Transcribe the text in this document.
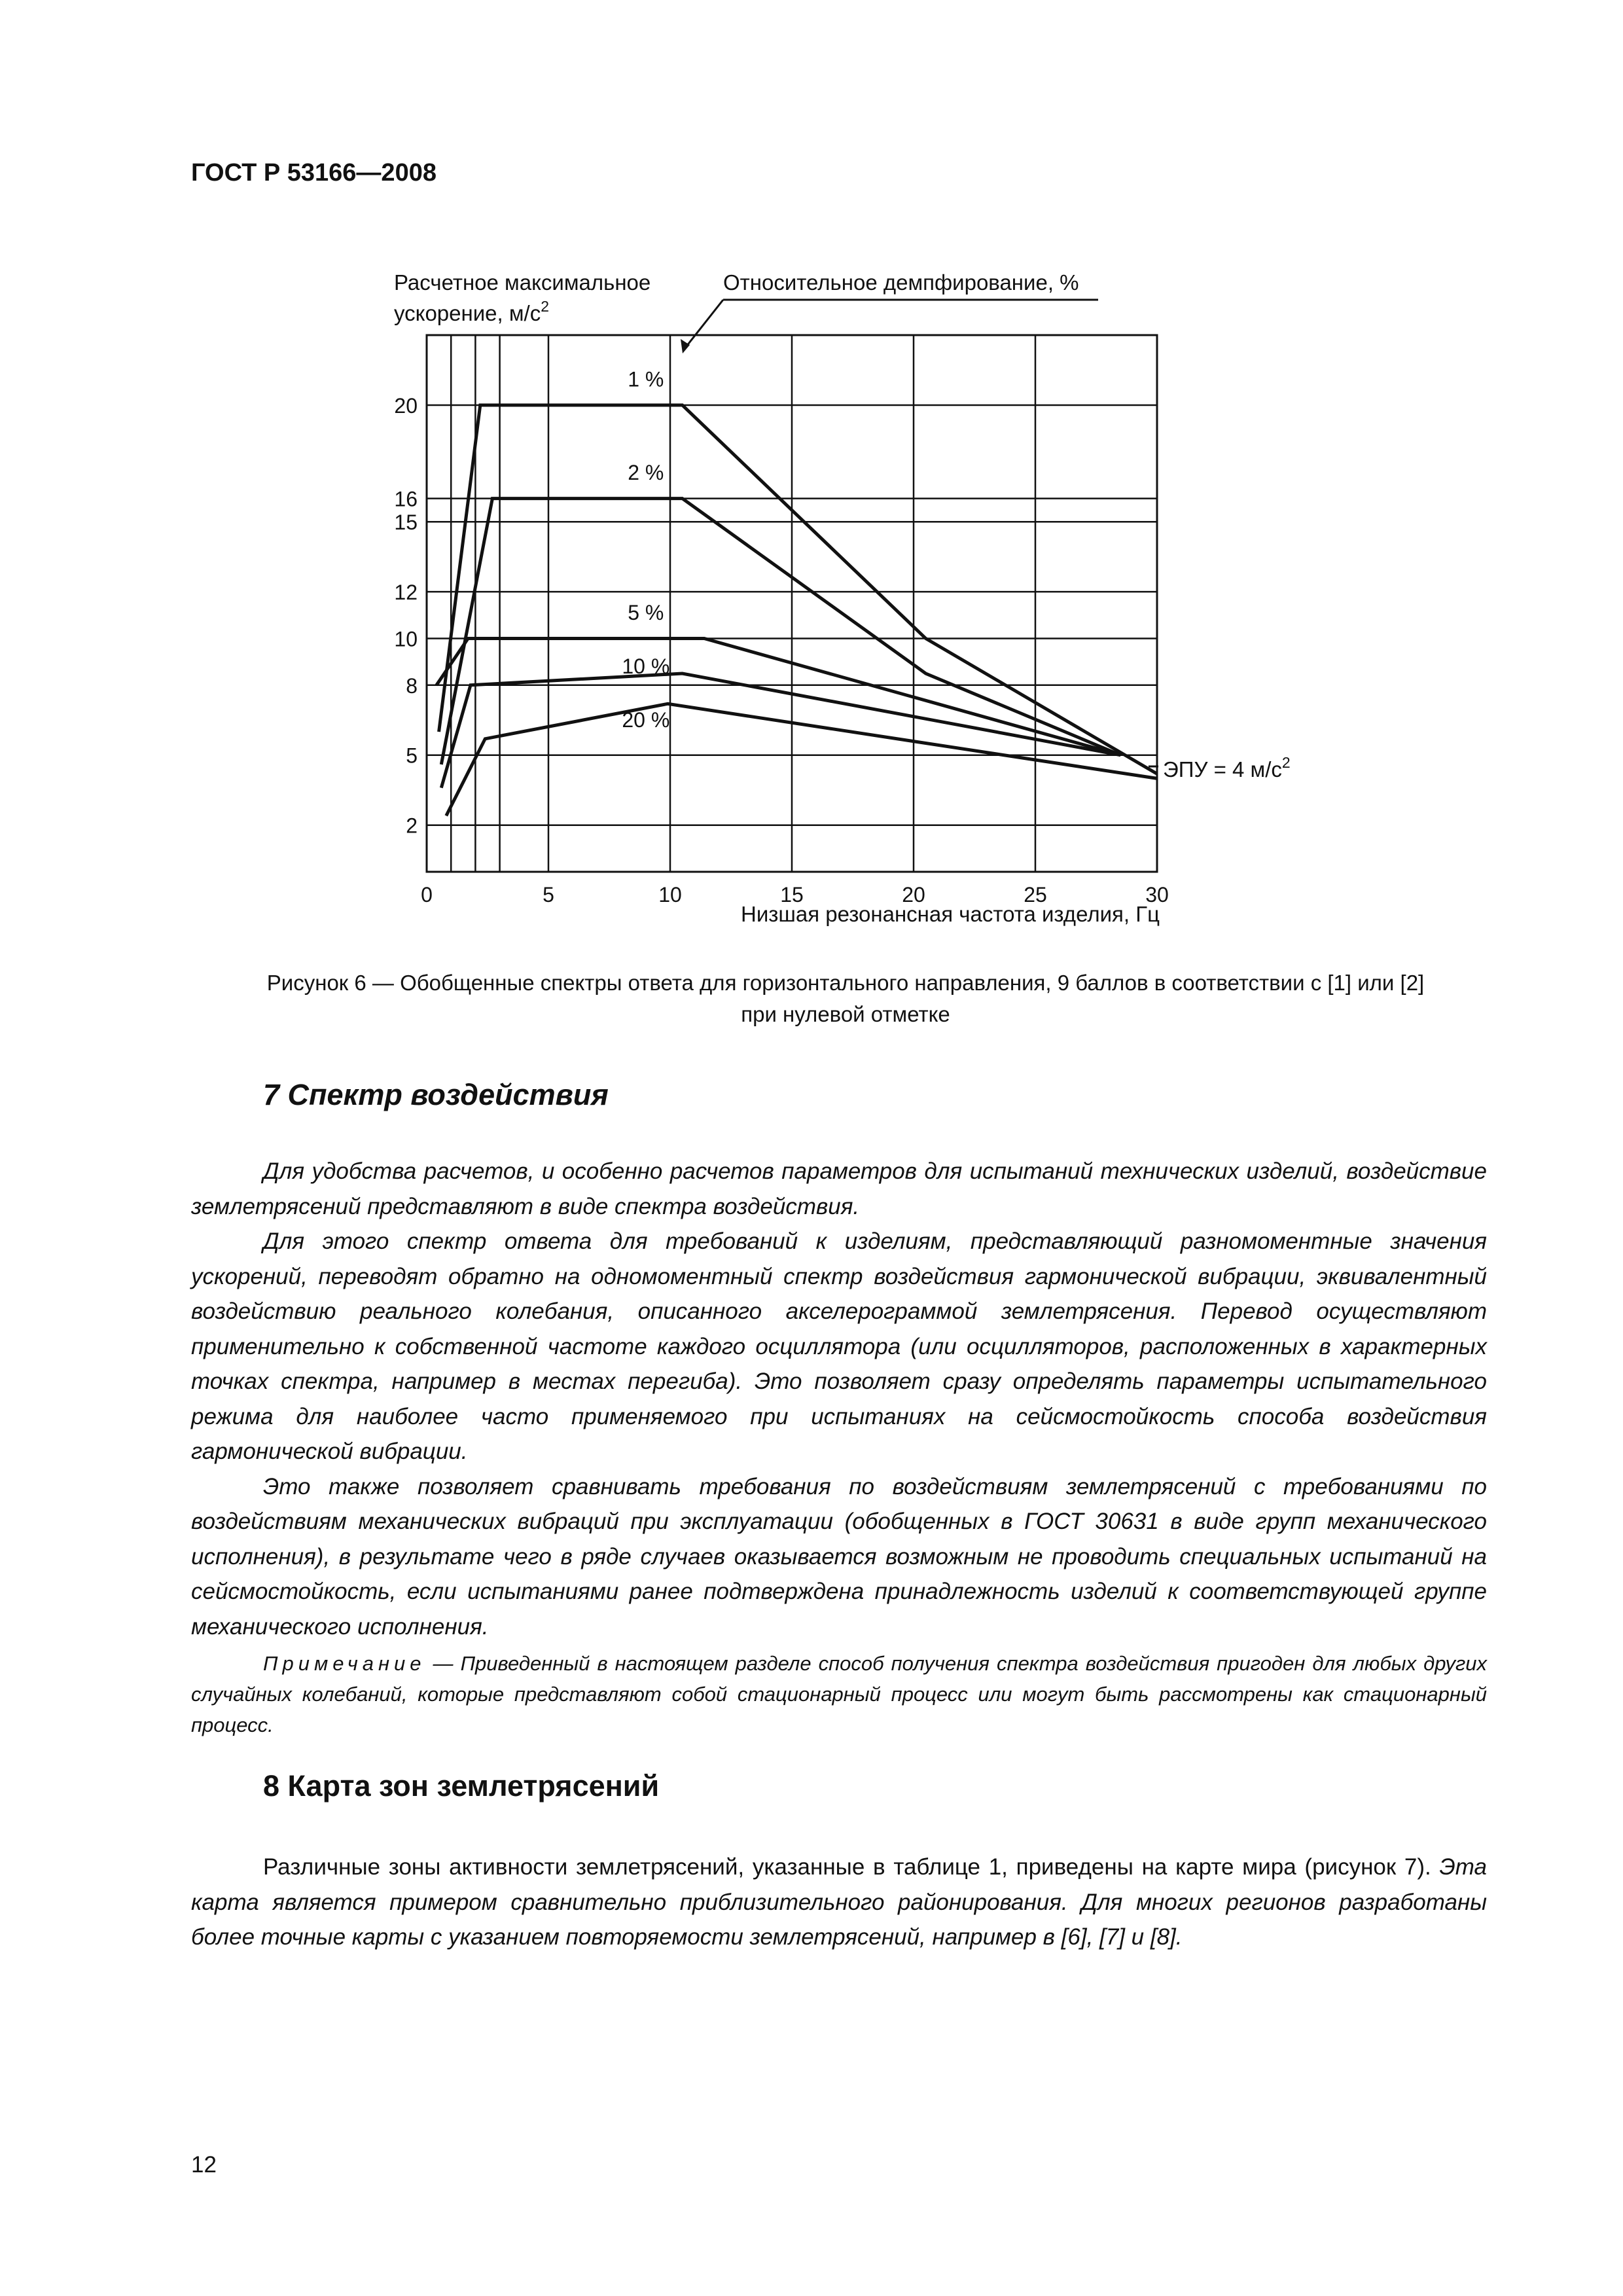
ГОСТ Р 53166—2008
2
5
8
10
12
15
16
20
0	5	10	15	20	25	30
Расчетное максимальное
ускорение, $м/с^2$
Относительное демпфирование, %
Низшая резонансная частота изделия, Гц
ЭПУ = 4 $м/с^2$
1 %
2 %
5 %
10 %
20 %
Рисунок 6 — Обобщенные спектры ответа для горизонтального направления, 9 баллов в соответствии с [1] или [2]
при нулевой отметке
7 Спектр воздействия

Для удобства расчетов, и особенно расчетов параметров для испытаний технических изделий, воздействие землетрясений представляют в виде спектра воздействия.

Для этого спектр ответа для требований к изделиям, представляющий разномоментные значения ускорений, переводят обратно на одномоментный спектр воздействия гармонической вибрации, эквивалентный воздействию реального колебания, описанного акселерограммой землетрясения. Перевод осуществляют применительно к собственной частоте каждого осциллятора (или осцилляторов, расположенных в характерных точках спектра, например в местах перегиба). Это позволяет сразу определять параметры испытательного режима для наиболее часто применяемого при испытаниях на сейсмостойкость способа воздействия гармонической вибрации.

Это также позволяет сравнивать требования по воздействиям землетрясений с требованиями по воздействиям механических вибраций при эксплуатации (обобщенных в ГОСТ 30631 в виде групп механического исполнения), в результате чего в ряде случаев оказывается возможным не проводить специальных испытаний на сейсмостойкость, если испытаниями ранее подтверждена принадлежность изделий к соответствующей группе механического исполнения.

Примечание — Приведенный в настоящем разделе способ получения спектра воздействия пригоден для любых других случайных колебаний, которые представляют собой стационарный процесс или могут быть рассмотрены как стационарный процесс.

8 Карта зон землетрясений

Различные зоны активности землетрясений, указанные в таблице 1, приведены на карте мира (рисунок 7). Эта карта является примером сравнительно приблизительного районирования. Для многих регионов разработаны более точные карты с указанием повторяемости землетрясений, например в [6], [7] и [8].

12
